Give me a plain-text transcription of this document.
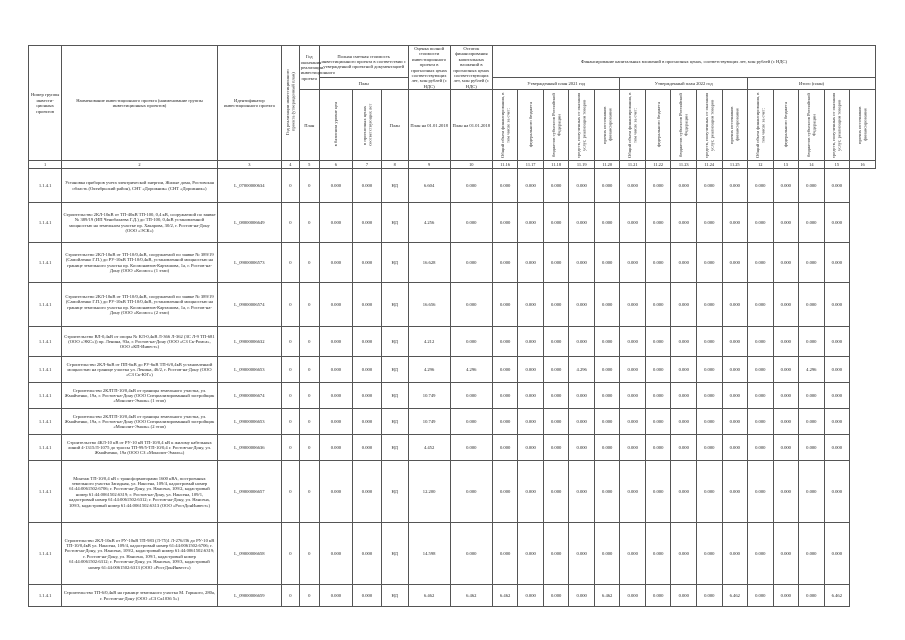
Номер группы инвести-ционных проектов	Наименование инвестиционного проекта (наименование группы инвестиционных проектов)	Идентификатор инвестиционного проекта	Год реализации инвестиционного проекта (утвержденный план)	Год окончания реализации инвестиционного проекта	Полная сметная стоимость инвестиционного проекта в соответствии с утвержденной проектной документацией			Оценка полной стоимости инвестиционного проекта в прогнозных ценах соответствующих лет, млн рублей (с НДС)	Остаток финансирования капитальных вложений в прогнозных ценах соответствующих лет, млн рублей (с НДС)	Финансирование капитальных вложений в прогнозных ценах, соответствующих лет, млн рублей (с НДС)														
					План					Утвержденный план 2021 год					Утвержденный план 2022 год					Итого (план)				
				План	в базисном уровне цен	в прогнозных ценах соответствующих лет	План	План на 01.01.2018	План на 01.01.2018	Общий объем финансирования, в том числе за счет:	федерального бюджета	бюджетов субъектов Российской Федерации	средств, полученных от оказания услуг, реализации товаров	прочих источников финансирования	Общий объем финансирования, в том числе за счет:	федерального бюджета	бюджетов субъектов Российской Федерации	средств, полученных от оказания услуг, реализации товаров	прочих источников финансирования	Общий объем финансирования, в том числе за счет:	федерального бюджета	бюджетов субъектов Российской Федерации	средств, полученных от оказания услуг, реализации товаров	прочих источников финансирования
1	2	3	4	5	6	7	8	9	10	11.16	11.17	11.18	11.19	11.20	11.21	11.22	11.23	11.24	11.25	12	13	14	15	16
1.1.4.1	Установка приборов учета электрической энергии, Жилые дома, Ростовская область (Октябрьский район), СНТ «Дорожник» (СНТ «Дорожник»)	L_07000000634	0	0	0.000	0.000	НД	6.604	0.000	0.000	0.000	0.000	0.000	0.000	0.000	0.000	0.000	0.000	0.000	0.000	0.000	0.000	0.000	
1.1.4.1	Строительство 2КЛ-10кВ от ТП-40кВ ТП-100, 0,4 кВ, сооружаемой по заявке № 389/19 (ИП Ченибалаева Г.Д.) до ТП-100, 0,4кВ установленной мощностью на земельном участке пр. Хакарова, 30/2, г. Ростов-на-Дону (ООО «ЭСК»)	L_08000006649	0	0	0.000	0.000	НД	4.256	0.000	0.000	0.000	0.000	0.000	0.000	0.000	0.000	0.000	0.000	0.000	0.000	0.000	0.000	0.000	
1.1.4.1	Строительство 2КЛ-10кВ от ТП-10/0,4кВ, сооружаемой по заявке № 389/19 (Самойленко Г.П.) до РУ-10кВ ТП-10/0,4кВ, установленной мощностью на границе земельного участка пр. Космонавтов-Карташова, 1а, г. Ростов-на-Дону (ООО «Космос» (1 этап)	L_09000006573	0	0	0.000	0.000	НД	16.628	0.000	0.000	0.000	0.000	0.000	0.000	0.000	0.000	0.000	0.000	0.000	0.000	0.000	0.000	0.000	
1.1.4.1	Строительство 2КЛ-10кВ от ТП-10/0,4кВ, сооружаемой по заявке № 389/19 (Самойленко Г.П.) до РУ-10кВ ТП-10/0,4кВ, установленной мощностью на границе земельного участка пр. Космонавтов-Карташова, 1а, г. Ростов-на-Дону (ООО «Космос» (2 этап)	L_09000006574	0	0	0.000	0.000	НД	16.656	0.000	0.000	0.000	0.000	0.000	0.000	0.000	0.000	0.000	0.000	0.000	0.000	0.000	0.000	0.000	
1.1.4.1	Строительство ВЛ-0,4кВ от опоры № КЛ-0,4кВ Л-366 Л-362 (ЗС Л-9 ТП-681 (ООО «ЭКС»)) пр. Ленина, 93а, г. Ростов-на-Дону (ООО «СЗ Ск-Ромса», ООО «КП-Инвест»)	L_09000006632	0	0	0.000	0.000	НД	4.212	0.000	0.000	0.000	0.000	0.000	0.000	0.000	0.000	0.000	0.000	0.000	0.000	0.000	0.000	0.000	
1.1.4.1	Строительство 2КЛ-6кВ от ПП-6кВ до РУ-6кВ ТП-6/0,4кВ установленной мощностью на границе участка ул. Ленина, 46/2, г. Ростов-на-Дону (ООО «СЗ Ск-ЮГ»)	L_09000006653	0	0	0.000	0.000	НД	4.296	4.296	0.000	0.000	0.000	4.296	0.000	0.000	0.000	0.000	0.000	0.000	0.000	0.000	4.296	0.000	
1.1.4.1	Строительство 2КЛТП-10/0,4кВ от границы земельного участка, ул. Жмайченко, 19а, г. Ростов-на-Дону (ООО Специализированный застройщик «Монолит-Эмаль» (1 этап)	L_09000006674	0	0	0.000	0.000	НД	10.749	0.000	0.000	0.000	0.000	0.000	0.000	0.000	0.000	0.000	0.000	0.000	0.000	0.000	0.000	0.000	
1.1.4.1	Строительство 2КЛТП-10/0,4кВ от границы земельного участка, ул. Жмайченко, 19а, г. Ростов-на-Дону (ООО Специализированный застройщик «Монолит-Эмаль» (2 этап)	L_09000006653	0	0	0.000	0.000	НД	10.749	0.000	0.000	0.000	0.000	0.000	0.000	0.000	0.000	0.000	0.000	0.000	0.000	0.000	0.000	0.000	
1.1.4.1	Строительство 4КЛ-10 кВ от РУ-10 кВ ТП-10/0,4 кВ к жилому кабельных линий 4-1315/Л-1075 до трассы ТП-99/5-ТП-10/0,4 г. Ростов-на-Дону, ул. Жмайченко, 19а (ООО СЗ «Монолит-Эмаль»)	L_09000006636	0	0	0.000	0.000	НД	4.452	0.000	0.000	0.000	0.000	0.000	0.000	0.000	0.000	0.000	0.000	0.000	0.000	0.000	0.000	0.000	
1.1.4.1	Монтаж ТП-10/0,4 кВ с трансформаторами 1600 кВА, построенных земельного участка Западная, ул. Нансена, 109/4, кадастровый номер 61:44:0061502:6706; г. Ростов-на-Дону, ул. Нансена, 109/2, кадастровый номер 61:44:0061502:6319; г. Ростов-на-Дону, ул. Нансена, 109/1, кадастровый номер 61:44:0061502:6312; г. Ростов-на-Дону, ул. Нансена, 109/3, кадастровый номер 61:44:0061502:6313 (ООО «РостДонИнвест»)	L_09000006657	0	0	0.000	0.000	НД	12.200	0.000	0.000	0.000	0.000	0.000	0.000	0.000	0.000	0.000	0.000	0.000	0.000	0.000	0.000	0.000	
1.1.4.1	Строительство 2КЛ-10кВ от РУ-10кВ ТП-983 (Л-75)1 Л-276/Л6 до РУ-10 кВ ТП-10/0,4кВ ул. Нансена, 109/4, кадастровый номер 61:44:0061502:6706; г. Ростов-на-Дону, ул. Нансена, 109/2, кадастровый номер 61:44:0061502:6319; г. Ростов-на-Дону, ул. Нансена, 109/1, кадастровый номер 61:44:0061502:6312; г. Ростов-на-Дону, ул. Нансена, 109/3, кадастровый номер 61:44:0061502:6313 (ООО «РостДонИнвест»)	L_09000006658	0	0	0.000	0.000	НД	14.598	0.000	0.000	0.000	0.000	0.000	0.000	0.000	0.000	0.000	0.000	0.000	0.000	0.000	0.000	0.000	
1.1.4.1	Строительство ТП-6/0,4кВ на границе земельного участка М. Горького, 280а, г. Ростов-на-Дону (ООО «СЗ Ск1036 5»)	L_09000006659	0	0	0.000	0.000	НД	6.462	6.462	6.462	0.000	0.000	0.000	6.462	0.000	0.000	0.000	0.000	6.462	0.000	0.000	0.000	6.462	
